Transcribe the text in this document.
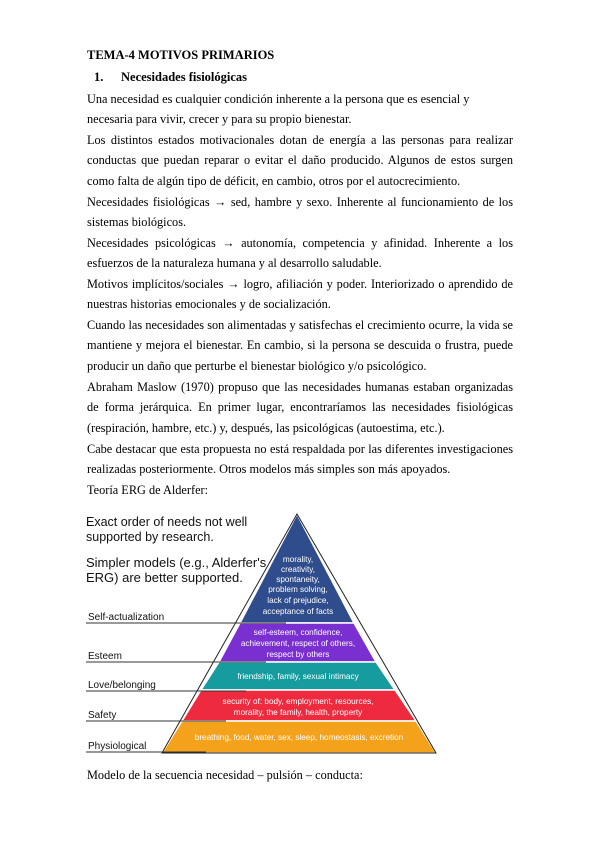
TEMA-4 MOTIVOS PRIMARIOS
1. Necesidades fisiológicas
Una necesidad es cualquier condición inherente a la persona que es esencial y necesaria para vivir, crecer y para su propio bienestar.
Los distintos estados motivacionales dotan de energía a las personas para realizar conductas que puedan reparar o evitar el daño producido. Algunos de estos surgen como falta de algún tipo de déficit, en cambio, otros por el autocrecimiento.
Necesidades fisiológicas → sed, hambre y sexo. Inherente al funcionamiento de los sistemas biológicos.
Necesidades psicológicas → autonomía, competencia y afinidad. Inherente a los esfuerzos de la naturaleza humana y al desarrollo saludable.
Motivos implícitos/sociales → logro, afiliación y poder. Interiorizado o aprendido de nuestras historias emocionales y de socialización.
Cuando las necesidades son alimentadas y satisfechas el crecimiento ocurre, la vida se mantiene y mejora el bienestar. En cambio, si la persona se descuida o frustra, puede producir un daño que perturbe el bienestar biológico y/o psicológico.
Abraham Maslow (1970) propuso que las necesidades humanas estaban organizadas de forma jerárquica. En primer lugar, encontraríamos las necesidades fisiológicas (respiración, hambre, etc.) y, después, las psicológicas (autoestima, etc.).
Cabe destacar que esta propuesta no está respaldada por las diferentes investigaciones realizadas posteriormente. Otros modelos más simples son más apoyados.
Teoría ERG de Alderfer:
Exact order of needs not well
supported by research.
Simpler models (e.g., Alderfer's
ERG) are better supported.
Self-actualization
Esteem
Love/belonging
Safety
Physiological
morality,
creativity,
spontaneity,
problem solving,
lack of prejudice,
acceptance of facts
self-esteem, confidence,
achievement, respect of others,
respect by others
friendship, family, sexual intimacy
security of: body, employment, resources,
morality, the family, health, property
breathing, food, water, sex, sleep, homeostasis, excretion
Modelo de la secuencia necesidad – pulsión – conducta:
